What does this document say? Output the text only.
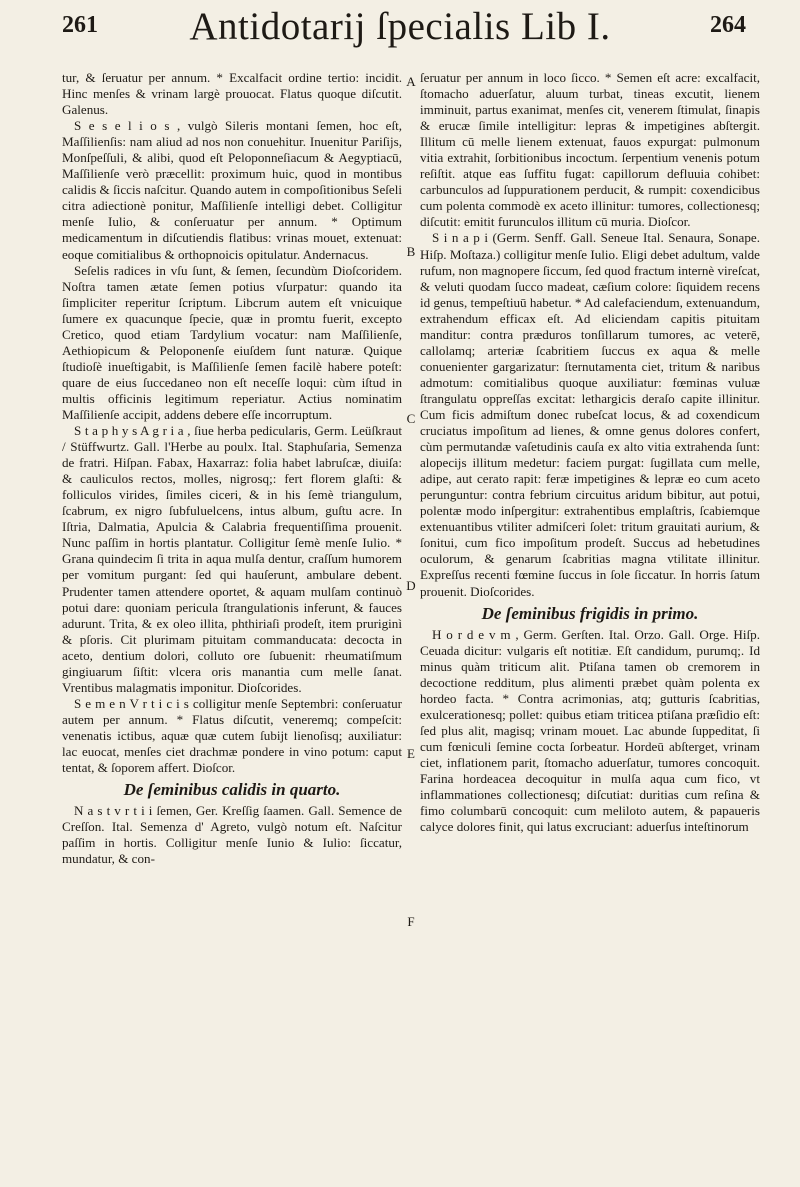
261	Antidotarij ſpecialis Lib I.	264

tur, & ſeruatur per annum. * Excalfacit ordine tertio: incidit. Hinc menſes & vrinam largè prouocat. Flatus quoque diſcutit. Galenus.

S e s e l i o s , vulgò Sileris montani ſemen, hoc eſt, Maſſilienſis: nam aliud ad nos non conuehitur. Inuenitur Pariſijs, Monſpeſſuli, & alibi, quod eſt Peloponneſiacum & Aegyptiacū, Maſſilienſe verò præcellit: proximum huic, quod in montibus calidis & ſiccis naſcitur. Quando autem in compoſitionibus Seſeli citra adiectionè ponitur, Maſſilienſe intelligi debet. Colligitur menſe Iulio, & conſeruatur per annum. * Optimum medicamentum in diſcutiendis flatibus: vrinas mouet, extenuat: eoque comitialibus & orthopnoicis opitulatur. Andernacus.

Seſelis radices in vſu ſunt, & ſemen, ſecundùm Dioſcoridem. Noſtra tamen ætate ſemen potius vſurpatur: quando ita ſimpliciter reperitur ſcriptum. Libcrum autem eſt vnicuique ſumere ex quacunque ſpecie, quæ in promtu fuerit, excepto Cretico, quod etiam Tardylium vocatur: nam Maſſilienſe, Aethiopicum & Peloponenſe eiuſdem ſunt naturæ. Quique ſtudioſè inueſtigabit, is Maſſilienſe ſemen facilè habere poteſt: quare de eius ſuccedaneo non eſt neceſſe loqui: cùm iſtud in multis officinis legitimum reperiatur. Actius nominatim Maſſilienſe accipit, addens debere eſſe incorruptum.

S t a p h y s A g r i a , ſiue herba pedicularis, Germ. Leüſkraut / Stüffwurtz. Gall. l'Herbe au poulx. Ital. Staphuſaria, Semenza de fratri. Hiſpan. Fabax, Haxarraz: folia habet labruſcæ, diuiſa: & cauliculos rectos, molles, nigrosq;: fert florem glaſti: & folliculos virides, ſimiles ciceri, & in his ſemè triangulum, ſcabrum, ex nigro ſubfuluelcens, intus album, guſtu acre. In Iſtria, Dalmatia, Apulcia & Calabria frequentiſſima prouenit. Nunc paſſim in hortis plantatur. Colligitur ſemè menſe Iulio. * Grana quindecim ſi trita in aqua mulſa dentur, craſſum humorem per vomitum purgant: ſed qui hauſerunt, ambulare debent. Prudenter tamen attendere oportet, & aquam mulſam continuò potui dare: quoniam pericula ſtrangulationis inferunt, & fauces adurunt. Trita, & ex oleo illita, phthiriaſi prodeſt, item pruriginì & pſoris. Cit plurimam pituitam commanducata: decocta in aceto, dentium dolori, colluto ore ſubuenit: rheumatiſmum gingiuarum ſiſtit: vlcera oris manantia cum melle ſanat. Vrentibus malagmatis imponitur. Dioſcorides.

S e m e n V r t i c i s colligitur menſe Septembri: conſeruatur autem per annum. * Flatus diſcutit, veneremq; compeſcit: venenatis ictibus, aquæ quæ cutem ſubijt lienoſisq; auxiliatur: lac euocat, menſes ciet drachmæ pondere in vino potum: caput tentat, & ſoporem affert. Dioſcor.

De ſeminibus calidis in quarto.

N a s t v r t i i ſemen, Ger. Kreſſig ſaamen. Gall. Semence de Creſſon. Ital. Semenza d' Agreto, vulgò notum eſt. Naſcitur paſſim in hortis. Colligitur menſe Iunio & Iulio: ſiccatur, mundatur, & con-

A
B
C
D
E
F

ſeruatur per annum in loco ſicco. * Semen eſt acre: excalfacit, ſtomacho aduerſatur, aluum turbat, tineas excutit, lienem imminuit, partus exanimat, menſes cit, venerem ſtimulat, ſinapis & erucæ ſimile intelligitur: lepras & impetigines abſtergit. Illitum cū melle lienem extenuat, fauos expurgat: pulmonum vitia extrahit, ſorbitionibus incoctum. ſerpentium venenis potum reſiſtit. atque eas ſuffitu fugat: capillorum defluuia cohibet: carbunculos ad ſuppurationem perducit, & rumpit: coxendicibus cum polenta commodè ex aceto illinitur: tumores, collectionesq; diſcutit: emitit furunculos illitum cū muria. Dioſcor.

S i n a p i (Germ. Senff. Gall. Seneue Ital. Senaura, Sonape. Hiſp. Moſtaza.) colligitur menſe Iulio. Eligi debet adultum, valde rufum, non magnopere ſiccum, ſed quod fractum internè vireſcat, & veluti quodam ſucco madeat, cæſium colore: ſiquidem recens id genus, tempeſtiuū habetur. * Ad calefaciendum, extenuandum, extrahendum efficax eſt. Ad eliciendam capitis pituitam manditur: contra præduros tonſillarum tumores, ac veterē, callolamq; arteriæ ſcabritiem ſuccus ex aqua & melle conuenienter gargarizatur: ſternutamenta ciet, tritum & naribus admotum: comitialibus quoque auxiliatur: fœminas vuluæ ſtrangulatu oppreſſas excitat: lethargicis deraſo capite illinitur. Cum ficis admiſtum donec rubeſcat locus, & ad coxendicum cruciatus impoſitum ad lienes, & omne genus dolores confert, cùm permutandæ vaſetudinis cauſa ex alto vitia extrahenda ſunt: alopecijs illitum medetur: faciem purgat: ſugillata cum melle, adipe, aut cerato rapit: feræ impetigines & lepræ eo cum aceto perunguntur: contra febrium circuitus aridum bibitur, aut potui, polentæ modo inſpergitur: extrahentibus emplaſtris, ſcabiemque extenuantibus vtiliter admiſceri ſolet: tritum grauitati aurium, & ſonitui, cum fico impoſitum prodeſt. Succus ad hebetudines oculorum, & genarum ſcabritias magna vtilitate illinitur. Expreſſus recenti fœmine ſuccus in ſole ſiccatur. In horris ſatum prouenit. Dioſcorides.

De ſeminibus frigidis in primo.

H o r d e v m , Germ. Gerſten. Ital. Orzo. Gall. Orge. Hiſp. Ceuada dicitur: vulgaris eſt notitiæ. Eſt candidum, purumq;. Id minus quàm triticum alit. Ptiſana tamen ob cremorem in decoctione redditum, plus alimenti præbet quàm polenta ex hordeo facta. * Contra acrimonias, atq; gutturis ſcabritias, exulcerationesq; pollet: quibus etiam triticea ptiſana præſidio eſt: ſed plus alit, magisq; vrinam mouet. Lac abunde ſuppeditat, ſi cum fœniculi ſemine cocta ſorbeatur. Hordeū abſterget, vrinam ciet, inflationem parit, ſtomacho aduerſatur, tumores concoquit. Farina hordeacea decoquitur in mulſa aqua cum fico, vt inflammationes collectionesq; diſcutiat: duritias cum reſina & fimo columbarū concoquit: cum meliloto autem, & papaueris calyce dolores finit, qui latus excruciant: aduerſus inteſtinorum
